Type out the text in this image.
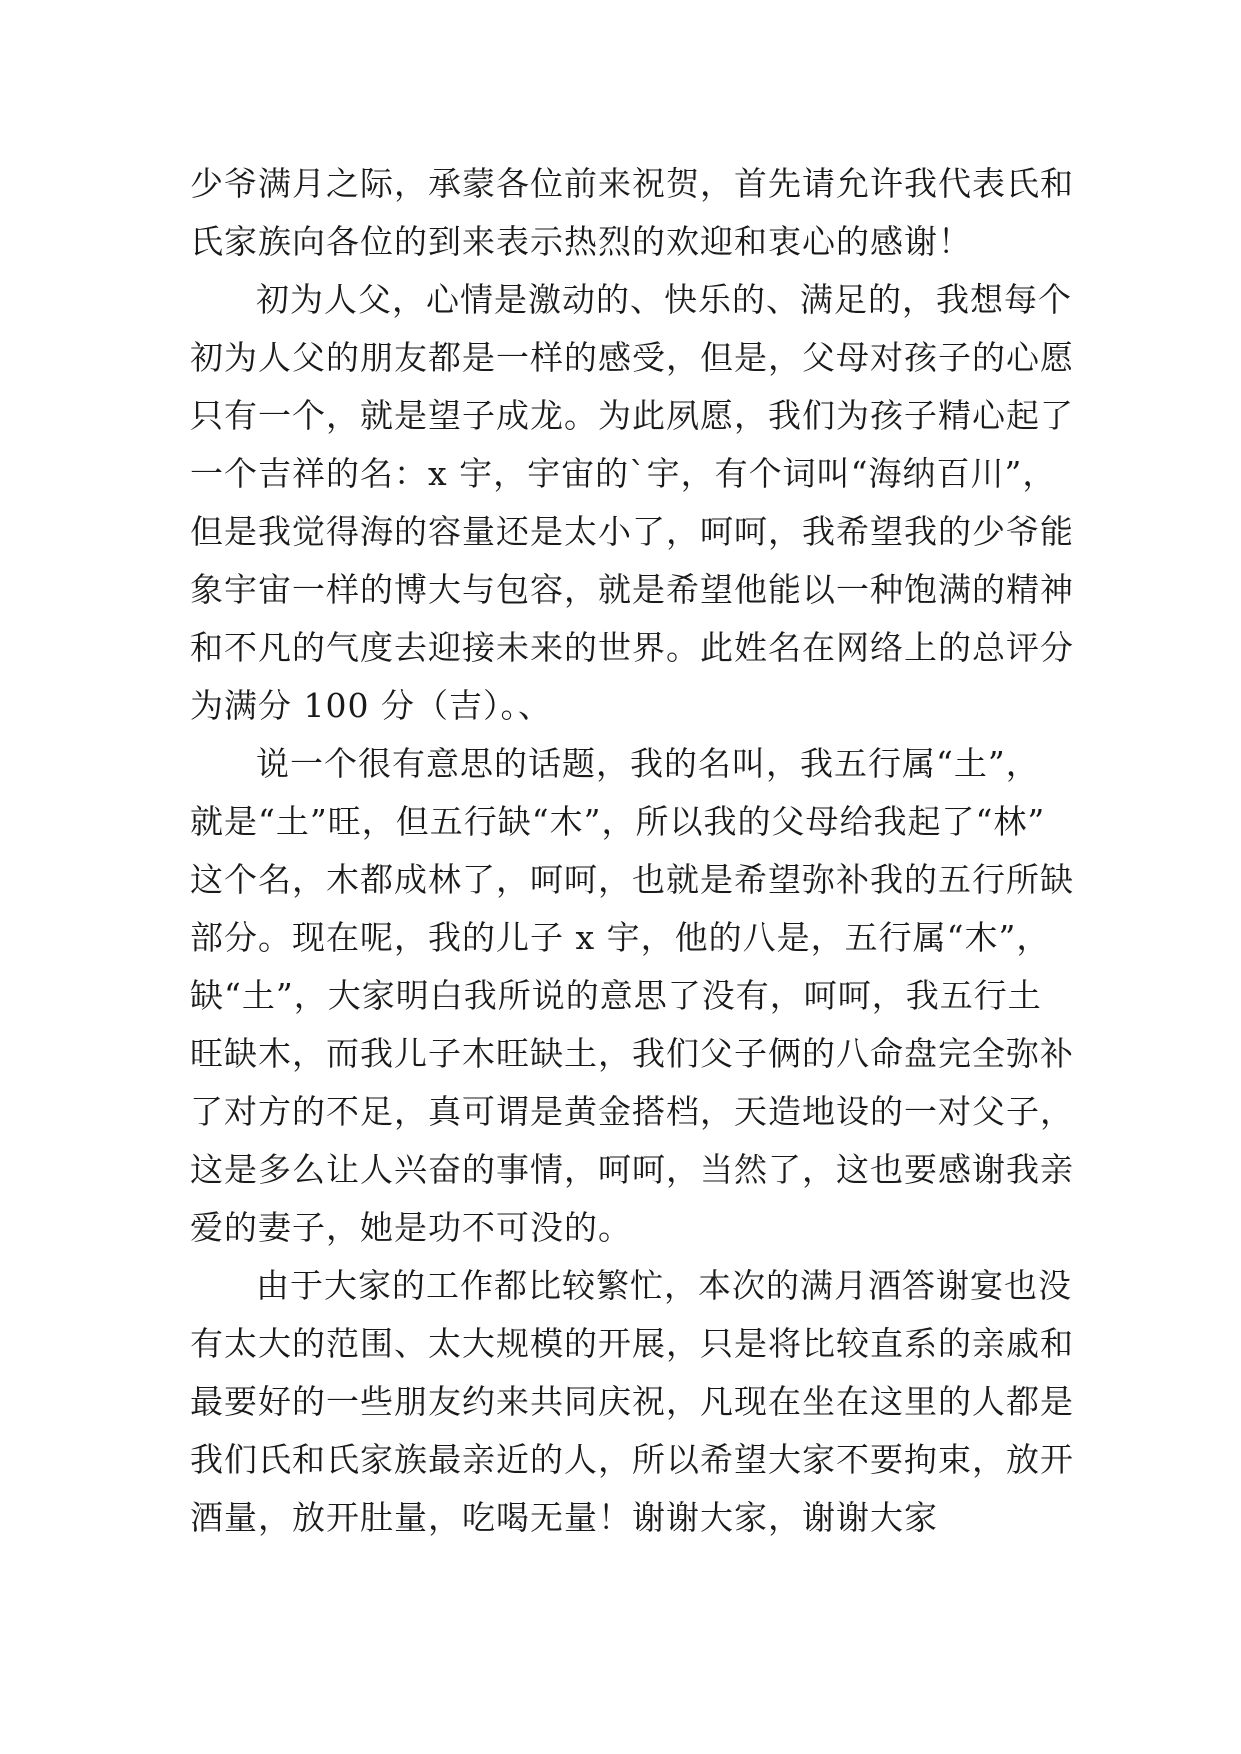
少爷满月之际，承蒙各位前来祝贺，首先请允许我代表氏和
氏家族向各位的到来表示热烈的欢迎和衷心的感谢！
初为人父，心情是激动的、快乐的、满足的，我想每个
初为人父的朋友都是一样的感受，但是，父母对孩子的心愿
只有一个，就是望子成龙。为此夙愿，我们为孩子精心起了
一个吉祥的名：x 宇，宇宙的`宇，有个词叫“海纳百川”，
但是我觉得海的容量还是太小了，呵呵，我希望我的少爷能
象宇宙一样的博大与包容，就是希望他能以一种饱满的精神
和不凡的气度去迎接未来的世界。此姓名在网络上的总评分
为满分 100 分（吉）。、
说一个很有意思的话题，我的名叫，我五行属“土”，
就是“土”旺，但五行缺“木”，所以我的父母给我起了“林”
这个名，木都成林了，呵呵，也就是希望弥补我的五行所缺
部分。现在呢，我的儿子 x 宇，他的八是，五行属“木”，
缺“土”，大家明白我所说的意思了没有，呵呵，我五行土
旺缺木，而我儿子木旺缺土，我们父子俩的八命盘完全弥补
了对方的不足，真可谓是黄金搭档，天造地设的一对父子，
这是多么让人兴奋的事情，呵呵，当然了，这也要感谢我亲
爱的妻子，她是功不可没的。
由于大家的工作都比较繁忙，本次的满月酒答谢宴也没
有太大的范围、太大规模的开展，只是将比较直系的亲戚和
最要好的一些朋友约来共同庆祝，凡现在坐在这里的人都是
我们氏和氏家族最亲近的人，所以希望大家不要拘束，放开
酒量，放开肚量，吃喝无量！谢谢大家，谢谢大家
